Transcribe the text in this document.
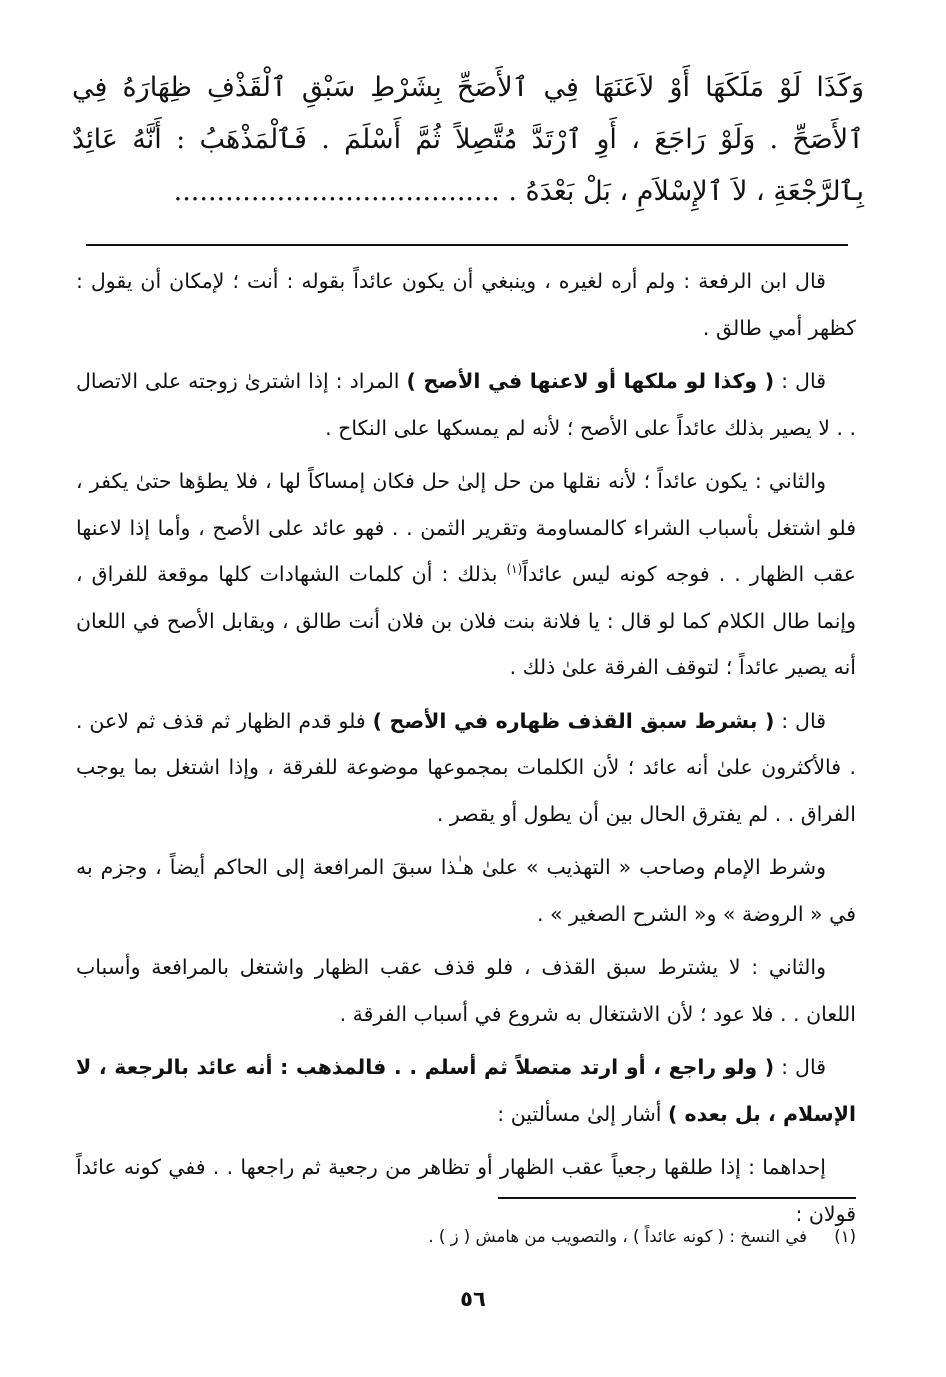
وَكَذَا لَوْ مَلَكَهَا أَوْ لاَعَنَهَا فِي ٱلأَصَحِّ بِشَرْطِ سَبْقِ ٱلْقَذْفِ ظِهَارَهُ فِي ٱلأَصَحِّ . وَلَوْ رَاجَعَ ، أَوِ ٱرْتَدَّ مُتَّصِلاً ثُمَّ أَسْلَمَ . فَٱلْمَذْهَبُ : أَنَّهُ عَائِدٌ بِٱلرَّجْعَةِ ، لاَ ٱلإِسْلاَمِ ، بَلْ بَعْدَهُ . ......................................

قال ابن الرفعة : ولم أره لغيره ، وينبغي أن يكون عائداً بقوله : أنت ؛ لإمكان أن يقول : كظهر أمي طالق .

قال : ( وكذا لو ملكها أو لاعنها في الأصح ) المراد : إذا اشترىٰ زوجته على الاتصال . . لا يصير بذلك عائداً على الأصح ؛ لأنه لم يمسكها على النكاح .

والثاني : يكون عائداً ؛ لأنه نقلها من حل إلىٰ حل فكان إمساكاً لها ، فلا يطؤها حتىٰ يكفر ، فلو اشتغل بأسباب الشراء كالمساومة وتقرير الثمن . . فهو عائد على الأصح ، وأما إذا لاعنها عقب الظهار . . فوجه كونه ليس عائداً$^{(١)}$ بذلك : أن كلمات الشهادات كلها موقعة للفراق ، وإنما طال الكلام كما لو قال : يا فلانة بنت فلان بن فلان أنت طالق ، ويقابل الأصح في اللعان أنه يصير عائداً ؛ لتوقف الفرقة علىٰ ذلك .

قال : ( بشرط سبق القذف ظهاره في الأصح ) فلو قدم الظهار ثم قذف ثم لاعن . . فالأكثرون علىٰ أنه عائد ؛ لأن الكلمات بمجموعها موضوعة للفرقة ، وإذا اشتغل بما يوجب الفراق . . لم يفترق الحال بين أن يطول أو يقصر .

وشرط الإمام وصاحب « التهذيب » علىٰ هـٰذا سبقَ المرافعة إلى الحاكم أيضاً ، وجزم به في « الروضة » و« الشرح الصغير » .

والثاني : لا يشترط سبق القذف ، فلو قذف عقب الظهار واشتغل بالمرافعة وأسباب اللعان . . فلا عود ؛ لأن الاشتغال به شروع في أسباب الفرقة .

قال : ( ولو راجع ، أو ارتد متصلاً ثم أسلم . . فالمذهب : أنه عائد بالرجعة ، لا الإسلام ، بل بعده ) أشار إلىٰ مسألتين :

إحداهما : إذا طلقها رجعياً عقب الظهار أو تظاهر من رجعية ثم راجعها . . ففي كونه عائداً قولان :

(١) في النسخ : ( كونه عائداً ) ، والتصويب من هامش ( ز ) .
٥٦
